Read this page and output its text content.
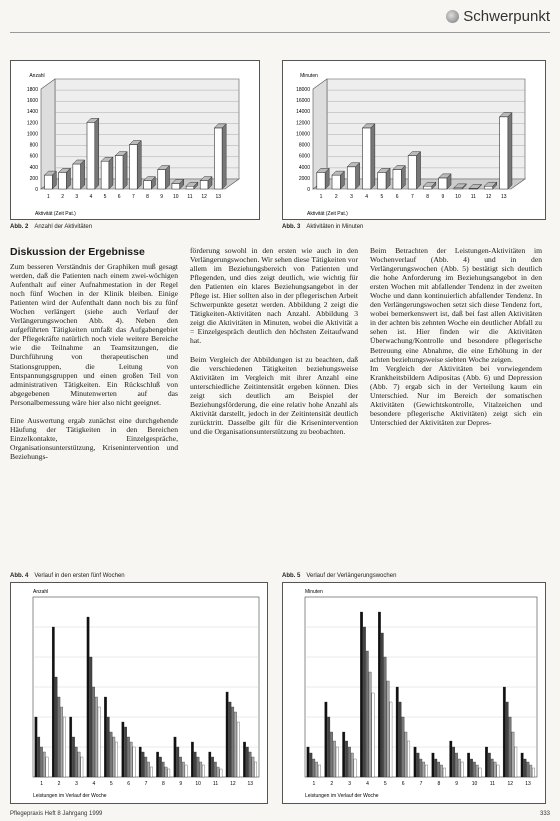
Schwerpunkt
0
200
400
600
800
1000
1200
1400
1600
1800
Anzahl
1 2 3 4 5 6 7 8 9 10 11 12 13
Aktivität (Zeit Pat.)
Abb. 2 Anzahl der Aktivitäten
0
2000
4000
6000
8000
10000
12000
14000
16000
18000
Minuten
1 2 3 4 5 6 7 8 9 10 11 12 13
Aktivität (Zeit Pat.)
Abb. 3 Aktivitäten in Minuten
Diskussion der Ergebnisse

Zum besseren Verständnis der Graphiken muß gesagt werden, daß die Patienten nach einem zwei-wöchigen Aufenthalt auf einer Aufnahmestation in der Regel noch fünf Wochen in der Klinik bleiben. Einige Patienten wird der Aufenthalt dann noch bis zu fünf Wochen verlängert (siehe auch Verlauf der Verlängerungswochen Abb. 4). Neben den aufgeführten Tätigkeiten umfaßt das Aufgabengebiet der Pflegekräfte natürlich noch viele weitere Bereiche wie die Teilnahme an Teamsitzungen, die Durchführung von therapeutischen und Stationsgruppen, die Leitung von Entspannungsgruppen und einen großen Teil von administrativen Tätigkeiten. Ein Rückschluß von abgegebenen Minutenwerten auf das Personalbemessung wäre hier also nicht geeignet.

Eine Auswertung ergab zunächst eine durchgehende Häufung der Tätigkeiten in den Bereichen Einzelkontakte, Einzelgespräche, Organisationsunterstützung, Krisenintervention und Beziehungs-

förderung sowohl in den ersten wie auch in den Verlängerungswochen. Wir sehen diese Tätigkeiten vor allem im Beziehungsbereich von Patienten und Pflegenden, und dies zeigt deutlich, wie wichtig für den Patienten ein klares Beziehungsangebot in der Pflege ist. Hier sollten also in der pflegerischen Arbeit Schwerpunkte gesetzt werden. Abbildung 2 zeigt die Tätigkeiten-Aktivitäten nach Anzahl. Abbildung 3 zeigt die Aktivitäten in Minuten, wobei die Aktivität a = Einzelgespräch deutlich den höchsten Zeitaufwand hat.

Beim Vergleich der Abbildungen ist zu beachten, daß die verschiedenen Tätigkeiten beziehungsweise Aktivitäten im Vergleich mit ihrer Anzahl eine unterschiedliche Zeitintensität ergeben können. Dies zeigt sich deutlich am Beispiel der Beziehungsförderung, die eine relativ hohe Anzahl als Aktivität darstellt, jedoch in der Zeitintensität deutlich zurücktritt. Dasselbe gilt für die Krisenintervention und die Organisationsunterstützung zu beobachten.

Beim Betrachten der Leistungen-Aktivitäten im Wochenverlauf (Abb. 4) und in den Verlängerungswochen (Abb. 5) bestätigt sich deutlich die hohe Anforderung im Beziehungsangebot in den ersten Wochen mit abfallender Tendenz in der zweiten Woche und dann kontinuierlich abfallender Tendenz. In den Verlängerungswochen setzt sich diese Tendenz fort, wobei bemerkenswert ist, daß bei fast allen Aktivitäten in der achten bis zehnten Woche ein deutlicher Abfall zu sehen ist. Hier finden wir die Aktivitäten Überwachung/Kontrolle und besondere pflegerische Betreuung eine Abnahme, die eine Erhöhung in der achten beziehungsweise siebten Woche zeigen.

Im Vergleich der Aktivitäten bei vorwiegendem Krankheitsbildern Adipositas (Abb. 6) und Depression (Abb. 7) ergab sich in der Verteilung kaum ein Unterschied. Nur im Bereich der somatischen Aktivitäten (Gewichtskontrolle, Vitalzeichen und besondere pflegerische Aktivitäten) zeigt sich ein Unterschied der Aktivitäten zur Depres-

Abb. 4 Verlauf in den ersten fünf Wochen
Anzahl
1	2	3	4	5	6	7	8	9	10 11 12 13
Leistungen im Verlauf der Woche
Abb. 5 Verlauf der Verlängerungswochen
Minuten
1	2	3	4	5	6	7	8	9	10 11 12 13
Leistungen im Verlauf der Woche
Pflegepraxis Heft 8 Jahrgang 1999	333
